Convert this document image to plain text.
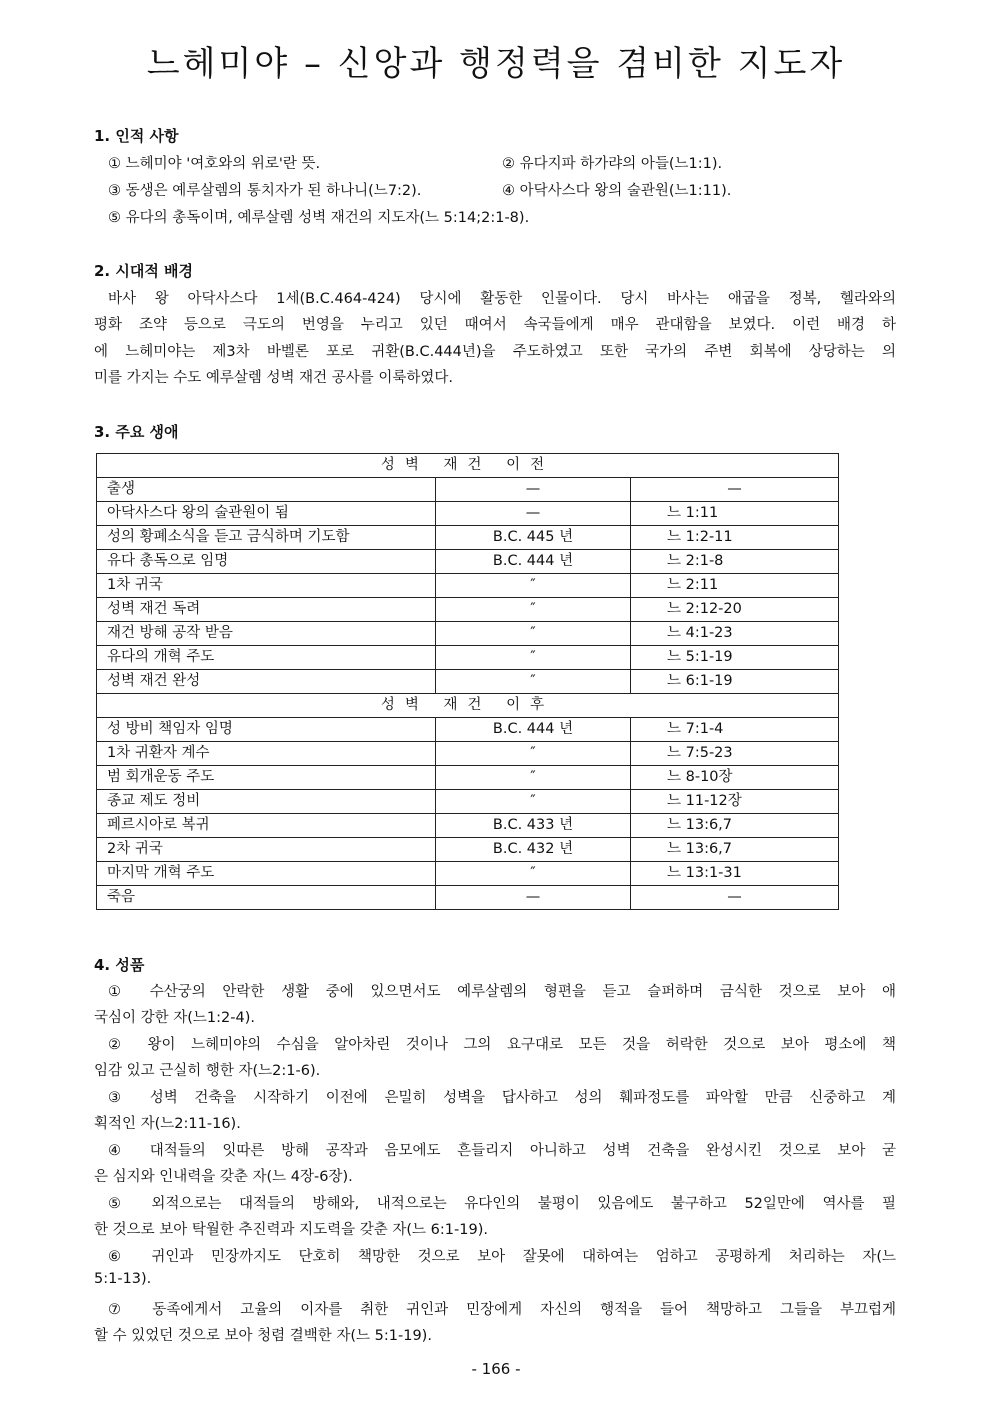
느헤미야 – 신앙과 행정력을 겸비한 지도자
1. 인적 사항
① 느헤미야 '여호와의 위로'란 뜻.	② 유다지파 하가랴의 아들(느1:1).
③ 동생은 예루살렘의 통치자가 된 하나니(느7:2).	④ 아닥사스다 왕의 술관원(느1:11).
⑤ 유다의 총독이며, 예루살렘 성벽 재건의 지도자(느 5:14;2:1-8).
2. 시대적 배경
바사 왕 아닥사스다 1세(B.C.464-424) 당시에 활동한 인물이다. 당시 바사는 애굽을 정복, 헬라와의
평화 조약 등으로 극도의 번영을 누리고 있던 때여서 속국들에게 매우 관대함을 보였다. 이런 배경 하
에 느헤미야는 제3차 바벨론 포로 귀환(B.C.444년)을 주도하였고 또한 국가의 주변 회복에 상당하는 의
미를 가지는 수도 예루살렘 성벽 재건 공사를 이룩하였다.
3. 주요 생애
성벽 재건 이전		
출생	—	—
아닥사스다 왕의 술관원이 됨	—	느 1:11
성의 황폐소식을 듣고 금식하며 기도함	B.C. 445 년	느 1:2-11
유다 총독으로 임명	B.C. 444 년	느 2:1-8
1차 귀국	″	느 2:11
성벽 재건 독려	″	느 2:12-20
재건 방해 공작 받음	″	느 4:1-23
유다의 개혁 주도	″	느 5:1-19
성벽 재건 완성	″	느 6:1-19
성벽 재건 이후		
성 방비 책임자 임명	B.C. 444 년	느 7:1-4
1차 귀환자 계수	″	느 7:5-23
범 회개운동 주도	″	느 8-10장
종교 제도 정비	″	느 11-12장
페르시아로 복귀	B.C. 433 년	느 13:6,7
2차 귀국	B.C. 432 년	느 13:6,7
마지막 개혁 주도	″	느 13:1-31
죽음	—	—
4. 성품
① 수산궁의 안락한 생활 중에 있으면서도 예루살렘의 형편을 듣고 슬퍼하며 금식한 것으로 보아 애
국심이 강한 자(느1:2-4).
② 왕이 느헤미야의 수심을 알아차린 것이나 그의 요구대로 모든 것을 허락한 것으로 보아 평소에 책
임감 있고 근실히 행한 자(느2:1-6).
③ 성벽 건축을 시작하기 이전에 은밀히 성벽을 답사하고 성의 훼파정도를 파악할 만큼 신중하고 계
획적인 자(느2:11-16).
④ 대적들의 잇따른 방해 공작과 음모에도 흔들리지 아니하고 성벽 건축을 완성시킨 것으로 보아 굳
은 심지와 인내력을 갖춘 자(느 4장-6장).
⑤ 외적으로는 대적들의 방해와, 내적으로는 유다인의 불평이 있음에도 불구하고 52일만에 역사를 필
한 것으로 보아 탁월한 추진력과 지도력을 갖춘 자(느 6:1-19).
⑥ 귀인과 민장까지도 단호히 책망한 것으로 보아 잘못에 대하여는 엄하고 공평하게 처리하는 자(느
5:1-13).
⑦ 동족에게서 고율의 이자를 취한 귀인과 민장에게 자신의 행적을 들어 책망하고 그들을 부끄럽게
할 수 있었던 것으로 보아 청렴 결백한 자(느 5:1-19).
- 166 -
